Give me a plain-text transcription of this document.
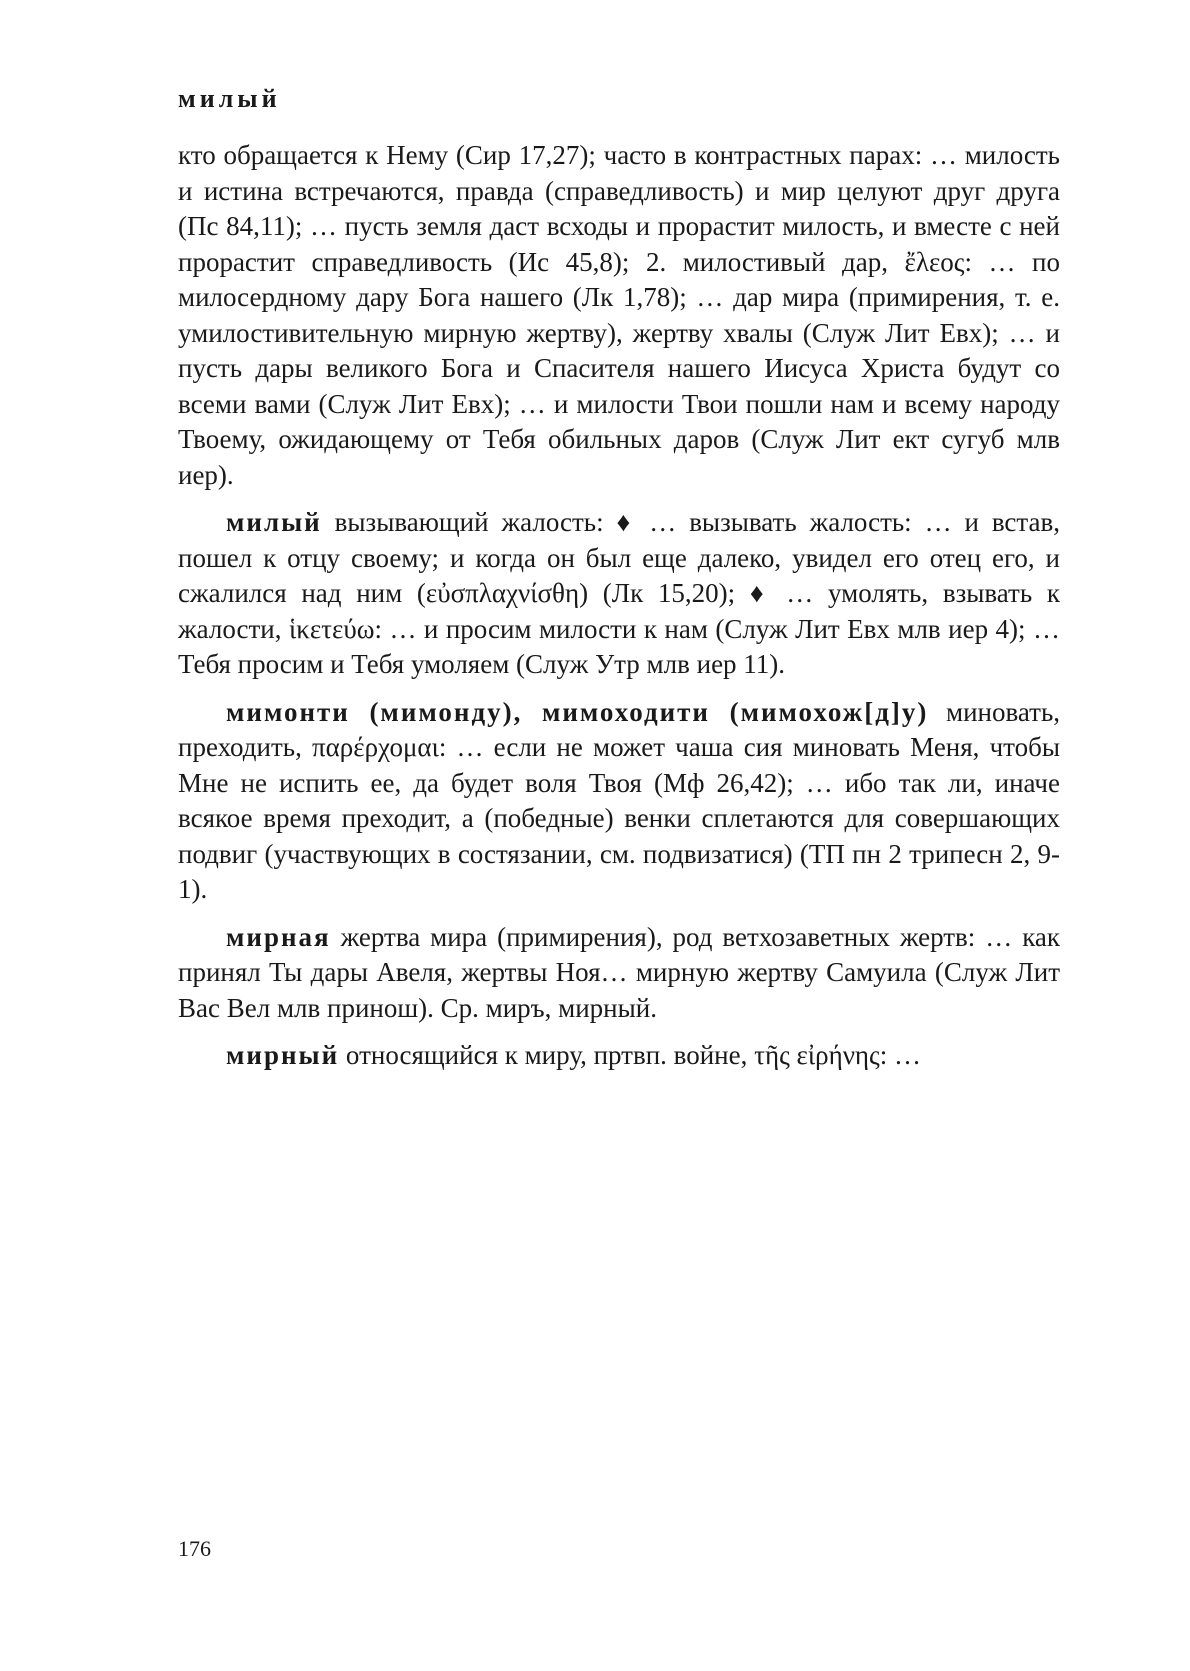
милый

кто обращается к Нему (Сир 17,27); часто в контрастных парах: … милость и истина встречаются, правда (справедливость) и мир целуют друг друга (Пс 84,11); … пусть земля даст всходы и прорастит милость, и вместе с ней прорастит справедливость (Ис 45,8); 2. милостивый дар, ἔλεος: … по милосердному дару Бога нашего (Лк 1,78); … дар мира (примирения, т. е. умилостивительную мирную жертву), жертву хвалы (Служ Лит Евх); … и пусть дары великого Бога и Спасителя нашего Иисуса Христа будут со всеми вами (Служ Лит Евх); … и милости Твои пошли нам и всему народу Твоему, ожидающему от Тебя обильных даров (Служ Лит ект сугуб млв иер).

милый вызывающий жалость: ♦ … вызывать жалость: … и встав, пошел к отцу своему; и когда он был еще далеко, увидел его отец его, и сжалился над ним (εὐσπλαχνίσθη) (Лк 15,20); ♦ … умолять, взывать к жалости, ἱκετεύω: … и просим милости к нам (Служ Лит Евх млв иер 4); … Тебя просим и Тебя умоляем (Служ Утр млв иер 11).

мимонти (мимонду), мимоходити (мимохож[д]у) миновать, преходить, παρέρχομαι: … если не может чаша сия миновать Меня, чтобы Мне не испить ее, да будет воля Твоя (Мф 26,42); … ибо так ли, иначе всякое время преходит, а (победные) венки сплетаются для совершающих подвиг (участвующих в состязании, см. подвизатися) (ТП пн 2 трипесн 2, 9-1).

мирная жертва мира (примирения), род ветхозаветных жертв: … как принял Ты дары Авеля, жертвы Ноя… мирную жертву Самуила (Служ Лит Вас Вел млв принош). Ср. миръ, мирный.

мирный относящийся к миру, пртвп. войне, τῆς εἰρήνης: …

176
